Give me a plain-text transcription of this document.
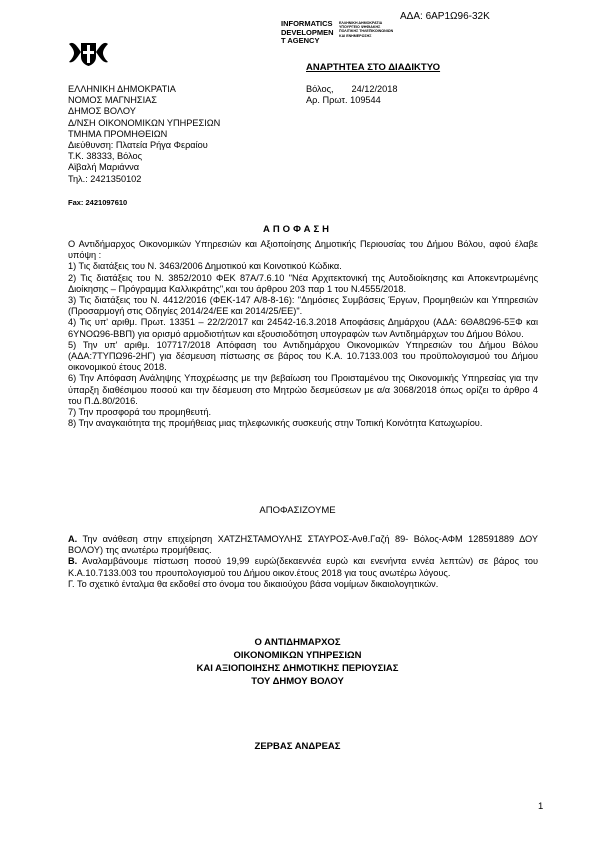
ΑΔΑ: 6ΑΡ1Ω96-32Κ
INFORMATICS
DEVELOPMEN
T AGENCY
ΕΛΛΗΝΙΚΗ ΔΗΜΟΚΡΑΤΙΑ ΥΠΟΥΡΓΕΙΟ ΨΗΦΙΑΚΗΣ ΠΟΛΙΤΙΚΗΣ ΤΗΛΕΠΙΚΟΙΝΩΝΙΩΝ ΚΑΙ ΕΝΗΜΕΡΩΣΗΣ
ΑΝΑΡΤΗΤΕΑ ΣΤΟ ΔΙΑΔΙΚΤΥΟ
ΕΛΛΗΝΙΚΗ ΔΗΜΟΚΡΑΤΙΑ
ΝΟΜΟΣ ΜΑΓΝΗΣΙΑΣ
ΔΗΜΟΣ ΒΟΛΟΥ
Δ/ΝΣΗ ΟΙΚΟΝΟΜΙΚΩΝ ΥΠΗΡΕΣΙΩΝ
ΤΜΗΜΑ ΠΡΟΜΗΘΕΙΩΝ
Διεύθυνση: Πλατεία Ρήγα Φεραίου
Τ.Κ. 38333, Βόλος
Αϊβαλή Μαριάννα
Τηλ.: 2421350102
Fax: 2421097610
Βόλος,       24/12/2018
Αρ. Πρωτ. 109544
ΑΠΟΦΑΣΗ

Ο Αντιδήμαρχος Οικονομικών Υπηρεσιών και Αξιοποίησης Δημοτικής Περιουσίας του Δήμου Βόλου, αφού έλαβε υπόψη :

1) Τις διατάξεις του Ν. 3463/2006 Δημοτικού και Κοινοτικού Κώδικα.

2) Τις διατάξεις του Ν. 3852/2010 ΦΕΚ 87Α/7.6.10 "Νέα Αρχιτεκτονική της Αυτοδιοίκησης και Αποκεντρωμένης Διοίκησης – Πρόγραμμα Καλλικράτης",και του άρθρου 203 παρ 1 του Ν.4555/2018.

3) Τις διατάξεις του Ν. 4412/2016 (ΦΕΚ-147 Α/8-8-16): "Δημόσιες Συμβάσεις Έργων, Προμηθειών και Υπηρεσιών (Προσαρμογή στις Οδηγίες 2014/24/ΕΕ και 2014/25/ΕΕ)".

4) Τις υπ' αριθμ. Πρωτ. 13351 – 22/2/2017 και 24542-16.3.2018 Αποφάσεις Δημάρχου (ΑΔΑ: 6ΘΑ8Ω96-5ΞΦ και 6ΥΝΟΩ96-ΒΒΠ) για ορισμό αρμοδιοτήτων και εξουσιοδότηση υπογραφών των Αντιδημάρχων του Δήμου Βόλου.

5) Την υπ' αριθμ. 107717/2018 Απόφαση του Αντιδημάρχου Οικονομικών Υπηρεσιών του Δήμου Βόλου (ΑΔΑ:7ΤΥΠΩ96-2ΗΓ) για δέσμευση πίστωσης σε βάρος του Κ.Α. 10.7133.003 του προϋπολογισμού του Δήμου οικονομικού έτους 2018.

6) Την Απόφαση Ανάληψης Υποχρέωσης με την βεβαίωση του Προισταμένου της Οικονομικής Υπηρεσίας για την ύπαρξη διαθέσιμου ποσού και την δέσμευση στο Μητρώο δεσμεύσεων με α/α 3068/2018 όπως ορίζει το άρθρο 4 του Π.Δ.80/2016.

7) Την προσφορά του προμηθευτή.

8) Την αναγκαιότητα της προμήθειας μιας τηλεφωνικής συσκευής στην Τοπική Κοινότητα Κατωχωρίου.

ΑΠΟΦΑΣΙΖΟΥΜΕ

Α. Την ανάθεση στην επιχείρηση ΧΑΤΖΗΣΤΑΜΟΥΛΗΣ ΣΤΑΥΡΟΣ-Ανθ.Γαζή 89- Βόλος-ΑΦΜ 128591889 ΔΟΥ ΒΟΛΟΥ) της ανωτέρω προμήθειας.

Β. Αναλαμβάνουμε πίστωση ποσού 19,99 ευρώ(δεκαεννέα ευρώ και ενενήντα εννέα λεπτών) σε βάρος του Κ.Α.10.7133.003 του προυπολογισμού του Δήμου οικον.έτους 2018 για τους ανωτέρω λόγους.

Γ. Το σχετικό ένταλμα θα εκδοθεί στο όνομα του δικαιούχου βάσα νομίμων δικαιολογητικών.

Ο ΑΝΤΙΔΗΜΑΡΧΟΣ
ΟΙΚΟΝΟΜΙΚΩΝ ΥΠΗΡΕΣΙΩΝ
ΚΑΙ ΑΞΙΟΠΟΙΗΣΗΣ ΔΗΜΟΤΙΚΗΣ ΠΕΡΙΟΥΣΙΑΣ
ΤΟΥ ΔΗΜΟΥ ΒΟΛΟΥ
ΖΕΡΒΑΣ ΑΝΔΡΕΑΣ
1
